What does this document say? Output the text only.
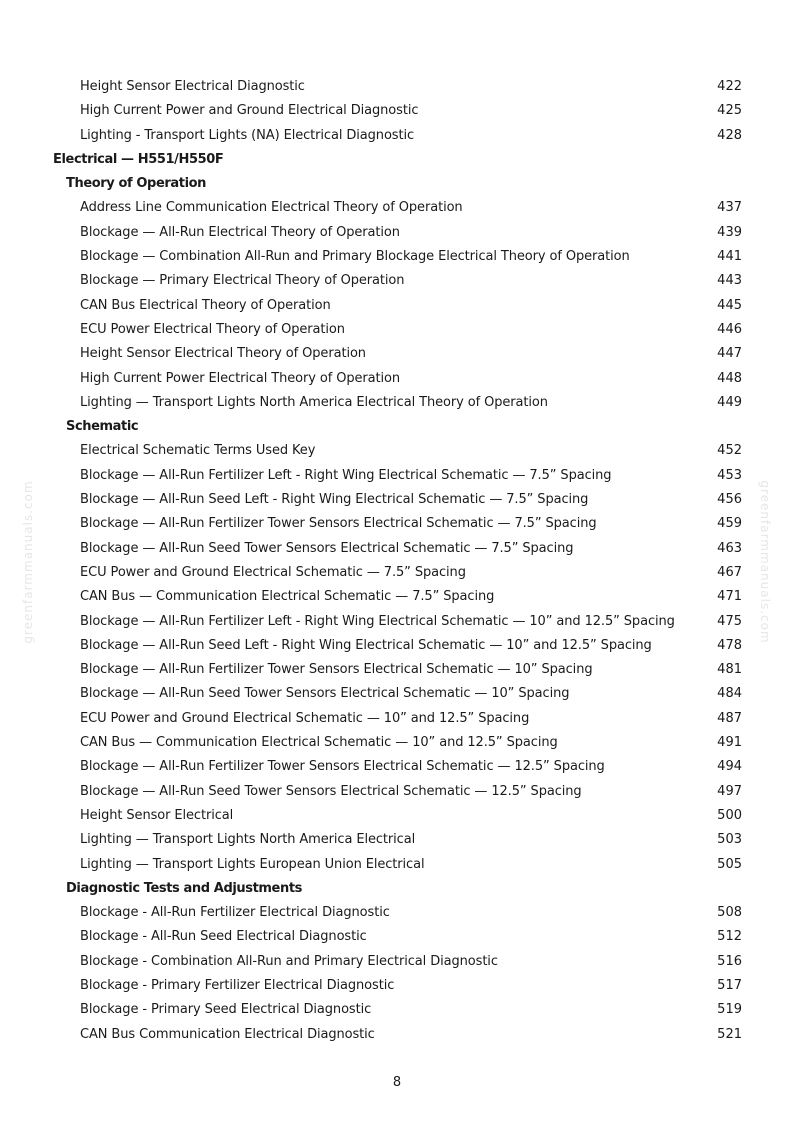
Height Sensor Electrical Diagnostic	422
High Current Power and Ground Electrical Diagnostic	425
Lighting - Transport Lights (NA) Electrical Diagnostic	428
Electrical — H551/H550F
Theory of Operation
Address Line Communication Electrical Theory of Operation	437
Blockage — All-Run Electrical Theory of Operation	439
Blockage — Combination All-Run and Primary Blockage Electrical Theory of Operation	441
Blockage — Primary Electrical Theory of Operation	443
CAN Bus Electrical Theory of Operation	445
ECU Power Electrical Theory of Operation	446
Height Sensor Electrical Theory of Operation	447
High Current Power Electrical Theory of Operation	448
Lighting — Transport Lights North America Electrical Theory of Operation	449
Schematic
Electrical Schematic Terms Used Key	452
Blockage — All-Run Fertilizer Left - Right Wing Electrical Schematic — 7.5” Spacing	453
Blockage — All-Run Seed Left - Right Wing Electrical Schematic — 7.5” Spacing	456
Blockage — All-Run Fertilizer Tower Sensors Electrical Schematic — 7.5” Spacing	459
Blockage — All-Run Seed Tower Sensors Electrical Schematic — 7.5” Spacing	463
ECU Power and Ground Electrical Schematic — 7.5” Spacing	467
CAN Bus — Communication Electrical Schematic — 7.5” Spacing	471
Blockage — All-Run Fertilizer Left - Right Wing Electrical Schematic — 10” and 12.5” Spacing	475
Blockage — All-Run Seed Left - Right Wing Electrical Schematic — 10” and 12.5” Spacing	478
Blockage — All-Run Fertilizer Tower Sensors Electrical Schematic — 10” Spacing	481
Blockage — All-Run Seed Tower Sensors Electrical Schematic — 10” Spacing	484
ECU Power and Ground Electrical Schematic — 10” and 12.5” Spacing	487
CAN Bus — Communication Electrical Schematic — 10” and 12.5” Spacing	491
Blockage — All-Run Fertilizer Tower Sensors Electrical Schematic — 12.5” Spacing	494
Blockage — All-Run Seed Tower Sensors Electrical Schematic — 12.5” Spacing	497
Height Sensor Electrical	500
Lighting — Transport Lights North America Electrical	503
Lighting — Transport Lights European Union Electrical	505
Diagnostic Tests and Adjustments
Blockage - All-Run Fertilizer Electrical Diagnostic	508
Blockage - All-Run Seed Electrical Diagnostic	512
Blockage - Combination All-Run and Primary Electrical Diagnostic	516
Blockage - Primary Fertilizer Electrical Diagnostic	517
Blockage - Primary Seed Electrical Diagnostic	519
CAN Bus Communication Electrical Diagnostic	521
greenfarmmanuals.com	greenfarmmanuals.com
8
